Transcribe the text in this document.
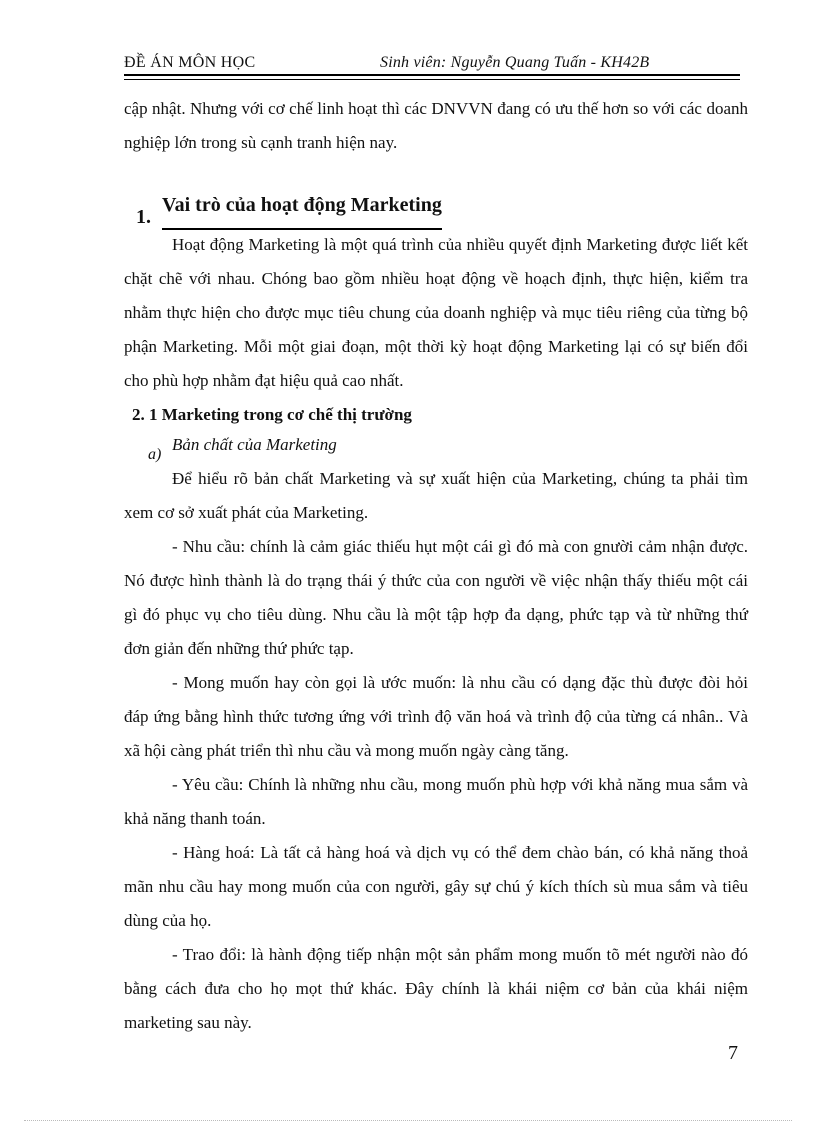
ĐỀ ÁN MÔN HỌC	Sinh viên: Nguyễn Quang Tuấn - KH42B

cập nhật. Nhưng với cơ chế linh hoạt thì các DNVVN đang có ưu thế hơn so với các doanh nghiệp lớn trong sù cạnh tranh hiện nay.

1.
Vai trò của hoạt động Marketing

Hoạt động Marketing là một quá trình của nhiều quyết định Marketing được liết kết chặt chẽ với nhau. Chóng bao gồm nhiều hoạt động về hoạch định, thực hiện, kiểm tra nhằm thực hiện cho được mục tiêu chung của doanh nghiệp và mục tiêu riêng của từng bộ phận Marketing. Mỗi một giai đoạn, một thời kỳ hoạt động Marketing lại có sự biến đổi cho phù hợp nhằm đạt hiệu quả cao nhất.

2. 1 Marketing trong cơ chế thị trường
a)
Bản chất của Marketing

Để hiểu rõ bản chất Marketing và sự xuất hiện của Marketing, chúng ta phải tìm xem cơ sở xuất phát của Marketing.

- Nhu cầu: chính là cảm giác thiếu hụt một cái gì đó mà con gnười cảm nhận được. Nó được hình thành là do trạng thái ý thức của con người về việc nhận thấy thiếu một cái gì đó phục vụ cho tiêu dùng. Nhu cầu là một tập hợp đa dạng, phức tạp và từ những thứ đơn giản đến những thứ phức tạp.

- Mong muốn hay còn gọi là ước muốn: là nhu cầu có dạng đặc thù được đòi hỏi đáp ứng bằng hình thức tương ứng với trình độ văn hoá và trình độ của từng cá nhân.. Và xã hội càng phát triển thì nhu cầu và mong muốn ngày càng tăng.

- Yêu cầu: Chính là những nhu cầu, mong muốn phù hợp với khả năng mua sắm và khả năng thanh toán.

- Hàng hoá: Là tất cả hàng hoá và dịch vụ có thể đem chào bán, có khả năng thoả mãn nhu cầu hay mong muốn của con người, gây sự chú ý kích thích sù mua sắm và tiêu dùng của họ.

- Trao đổi: là hành động tiếp nhận một sản phẩm mong muốn tõ mét người nào đó bằng cách đưa cho họ mọt thứ khác. Đây chính là khái niệm cơ bản của khái niệm marketing sau này.

7
